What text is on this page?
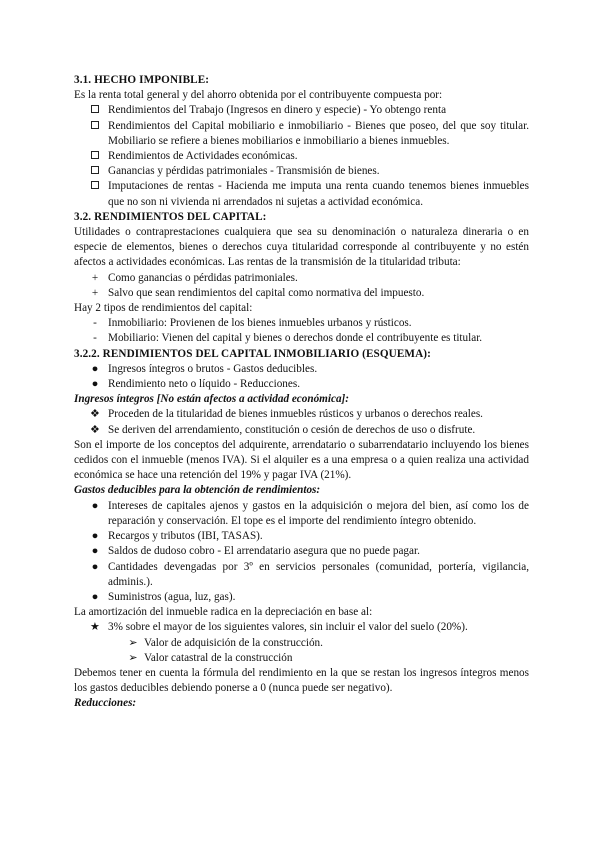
3.1. HECHO IMPONIBLE:

Es la renta total general y del ahorro obtenida por el contribuyente compuesta por:

Rendimientos del Trabajo (Ingresos en dinero y especie) - Yo obtengo renta
Rendimientos del Capital mobiliario e inmobiliario - Bienes que poseo, del que soy titular. Mobiliario se refiere a bienes mobiliarios e inmobiliario a bienes inmuebles.
Rendimientos de Actividades económicas.
Ganancias y pérdidas patrimoniales - Transmisión de bienes.
Imputaciones de rentas - Hacienda me imputa una renta cuando tenemos bienes inmuebles que no son ni vivienda ni arrendados ni sujetas a actividad económica.

3.2. RENDIMIENTOS DEL CAPITAL:

Utilidades o contraprestaciones cualquiera que sea su denominación o naturaleza dineraria o en especie de elementos, bienes o derechos cuya titularidad corresponde al contribuyente y no estén afectos a actividades económicas. Las rentas de la transmisión de la titularidad tributa:

+ Como ganancias o pérdidas patrimoniales.
+ Salvo que sean rendimientos del capital como normativa del impuesto.

Hay 2 tipos de rendimientos del capital:

- Inmobiliario: Provienen de los bienes inmuebles urbanos y rústicos.
- Mobiliario: Vienen del capital y bienes o derechos donde el contribuyente es titular.

3.2.2. RENDIMIENTOS DEL CAPITAL INMOBILIARIO (ESQUEMA):

● Ingresos íntegros o brutos - Gastos deducibles.
● Rendimiento neto o líquido - Reducciones.

Ingresos íntegros [No están afectos a actividad económica]:

❖ Proceden de la titularidad de bienes inmuebles rústicos y urbanos o derechos reales.
❖ Se deriven del arrendamiento, constitución o cesión de derechos de uso o disfrute.

Son el importe de los conceptos del adquirente, arrendatario o subarrendatario incluyendo los bienes cedidos con el inmueble (menos IVA). Si el alquiler es a una empresa o a quien realiza una actividad económica se hace una retención del 19% y pagar IVA (21%).

Gastos deducibles para la obtención de rendimientos:

● Intereses de capitales ajenos y gastos en la adquisición o mejora del bien, así como los de reparación y conservación. El tope es el importe del rendimiento íntegro obtenido.
● Recargos y tributos (IBI, TASAS).
● Saldos de dudoso cobro - El arrendatario asegura que no puede pagar.
● Cantidades devengadas por 3º en servicios personales (comunidad, portería, vigilancia, adminis.).
● Suministros (agua, luz, gas).

La amortización del inmueble radica en la depreciación en base al:

★ 3% sobre el mayor de los siguientes valores, sin incluir el valor del suelo (20%).
➢ Valor de adquisición de la construcción.
➢ Valor catastral de la construcción

Debemos tener en cuenta la fórmula del rendimiento en la que se restan los ingresos íntegros menos los gastos deducibles debiendo ponerse a 0 (nunca puede ser negativo).

Reducciones:
